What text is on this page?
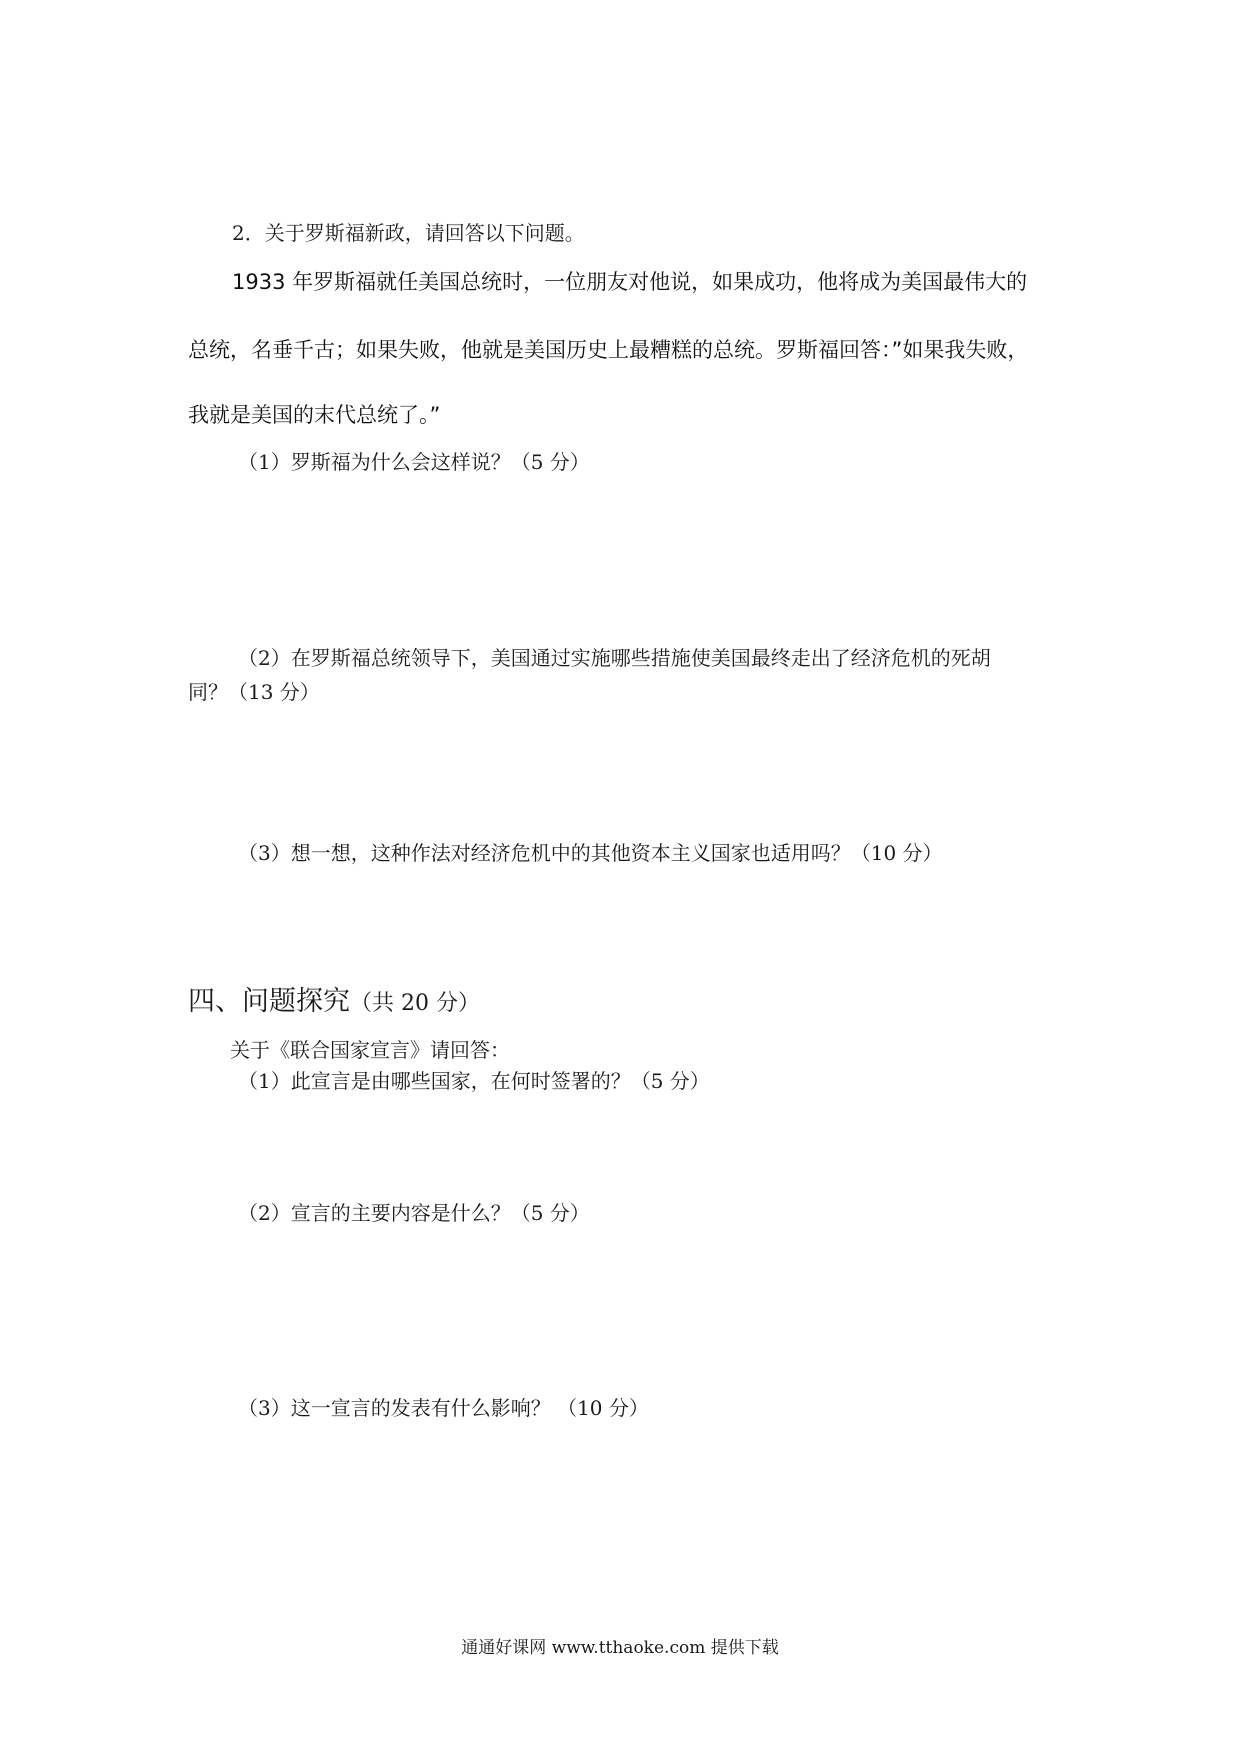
2．关于罗斯福新政，请回答以下问题。
1933 年罗斯福就任美国总统时，一位朋友对他说，如果成功，他将成为美国最伟大的
总统，名垂千古；如果失败，他就是美国历史上最糟糕的总统。罗斯福回答：”如果我失败，
我就是美国的末代总统了。”
（1）罗斯福为什么会这样说？（5 分）
（2）在罗斯福总统领导下，美国通过实施哪些措施使美国最终走出了经济危机的死胡
同？（13 分）
（3）想一想，这种作法对经济危机中的其他资本主义国家也适用吗？（10 分）
四、问题探究（共 20 分）
关于《联合国家宣言》请回答：
（1）此宣言是由哪些国家，在何时签署的？（5 分）
（2）宣言的主要内容是什么？（5 分）
（3）这一宣言的发表有什么影响？ （10 分）
通通好课网 www.tthaoke.com 提供下载
